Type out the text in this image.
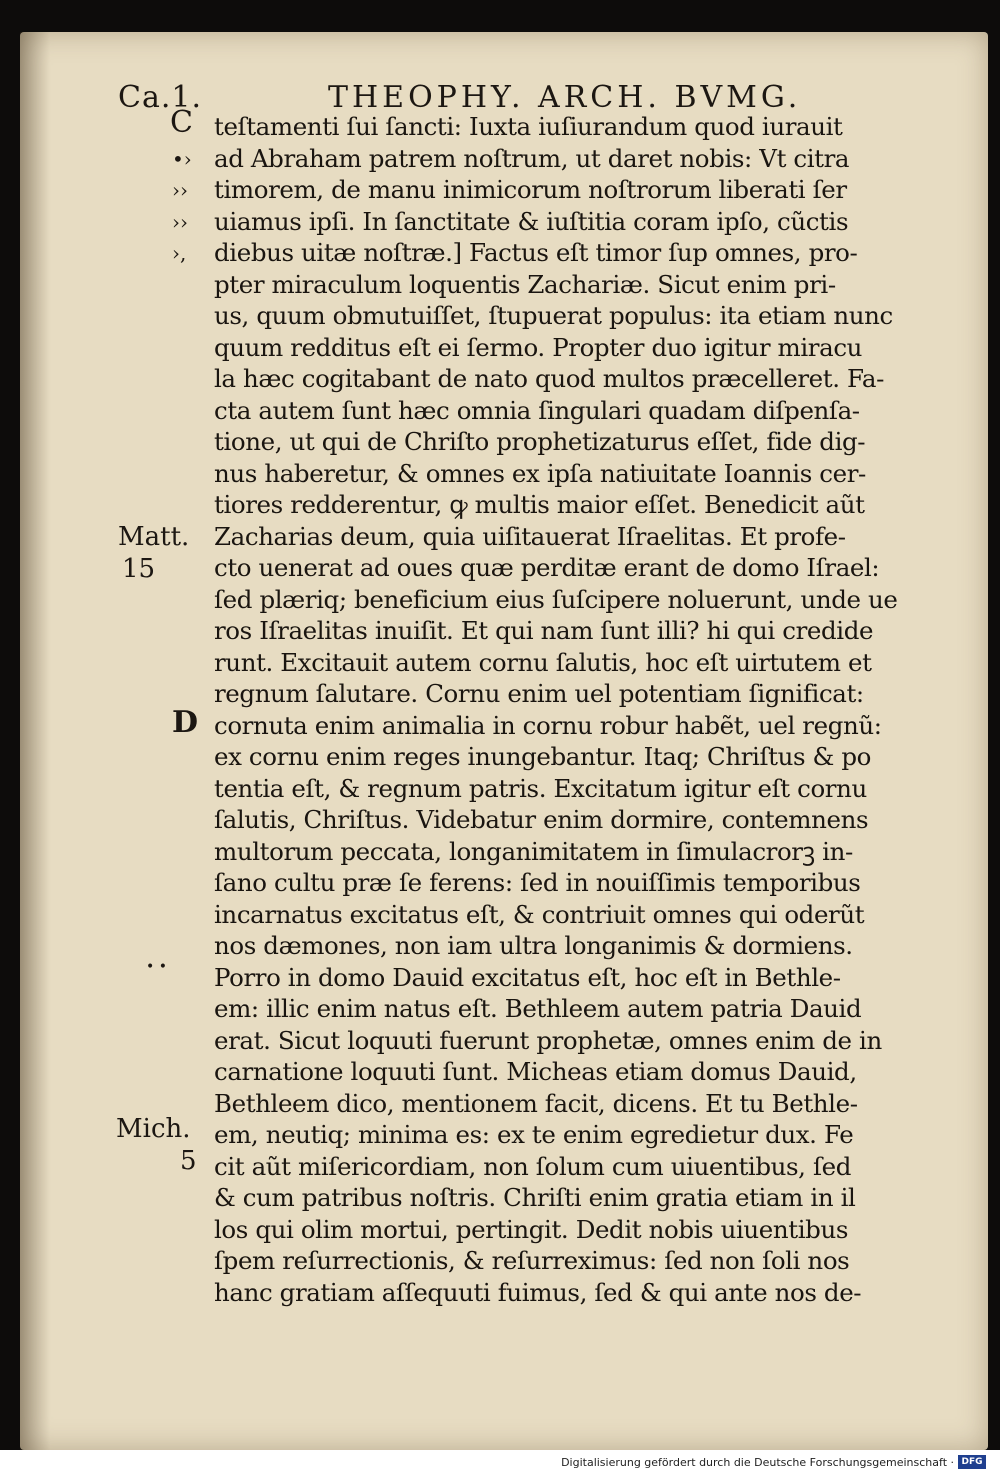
Ca.1.	THEOPHY. ARCH. BVMG.
C
•›
››
››
›,
Matt.
15
D
• •
Mich.
5
teſtamenti ſui ſancti: Iuxta iuſiurandum quod iurauit
ad Abraham patrem noſtrum, ut daret nobis: Vt citra
timorem, de manu inimicorum noſtrorum liberati ſer
uiamus ipſi. In ſanctitate & iuſtitia coram ipſo, cũctis
diebus uitæ noſtræ.] Factus eſt timor ſup omnes, pro-
pter miraculum loquentis Zachariæ. Sicut enim pri-
us, quum obmutuiſſet, ſtupuerat populus: ita etiam nunc
quum redditus eſt ei ſermo. Propter duo igitur miracu
la hæc cogitabant de nato quod multos præcelleret. Fa-
cta autem ſunt hæc omnia ſingulari quadam diſpenſa-
tione, ut qui de Chriſto prophetizaturus eſſet, fide dig-
nus haberetur, & omnes ex ipſa natiuitate Ioannis cer-
tiores redderentur, ꝙ multis maior eſſet. Benedicit aũt
Zacharias deum, quia uiſitauerat Iſraelitas. Et profe-
cto uenerat ad oues quæ perditæ erant de domo Iſrael:
ſed plæriq; beneficium eius ſuſcipere noluerunt, unde ue
ros Iſraelitas inuiſit. Et qui nam ſunt illi? hi qui credide
runt. Excitauit autem cornu ſalutis, hoc eſt uirtutem et
regnum ſalutare. Cornu enim uel potentiam ſignificat:
cornuta enim animalia in cornu robur habẽt, uel regnũ:
ex cornu enim reges inungebantur. Itaq; Chriſtus & po
tentia eſt, & regnum patris. Excitatum igitur eſt cornu
ſalutis, Chriſtus. Videbatur enim dormire, contemnens
multorum peccata, longanimitatem in ſimulacrorꝫ in-
ſano cultu præ ſe ferens: ſed in nouiſſimis temporibus
incarnatus excitatus eſt, & contriuit omnes qui oderũt
nos dæmones, non iam ultra longanimis & dormiens.
Porro in domo Dauid excitatus eſt, hoc eſt in Bethle-
em: illic enim natus eſt. Bethleem autem patria Dauid
erat. Sicut loquuti fuerunt prophetæ, omnes enim de in
carnatione loquuti ſunt. Micheas etiam domus Dauid,
Bethleem dico, mentionem facit, dicens. Et tu Bethle-
em, neutiq; minima es: ex te enim egredietur dux. Fe
cit aũt miſericordiam, non ſolum cum uiuentibus, ſed
& cum patribus noſtris. Chriſti enim gratia etiam in il
los qui olim mortui, pertingit. Dedit nobis uiuentibus
ſpem reſurrectionis, & reſurreximus: ſed non ſoli nos
hanc gratiam aſſequuti fuimus, ſed & qui ante nos de-
Digitalisierung gefördert durch die Deutsche Forschungsgemeinschaft · DFG
